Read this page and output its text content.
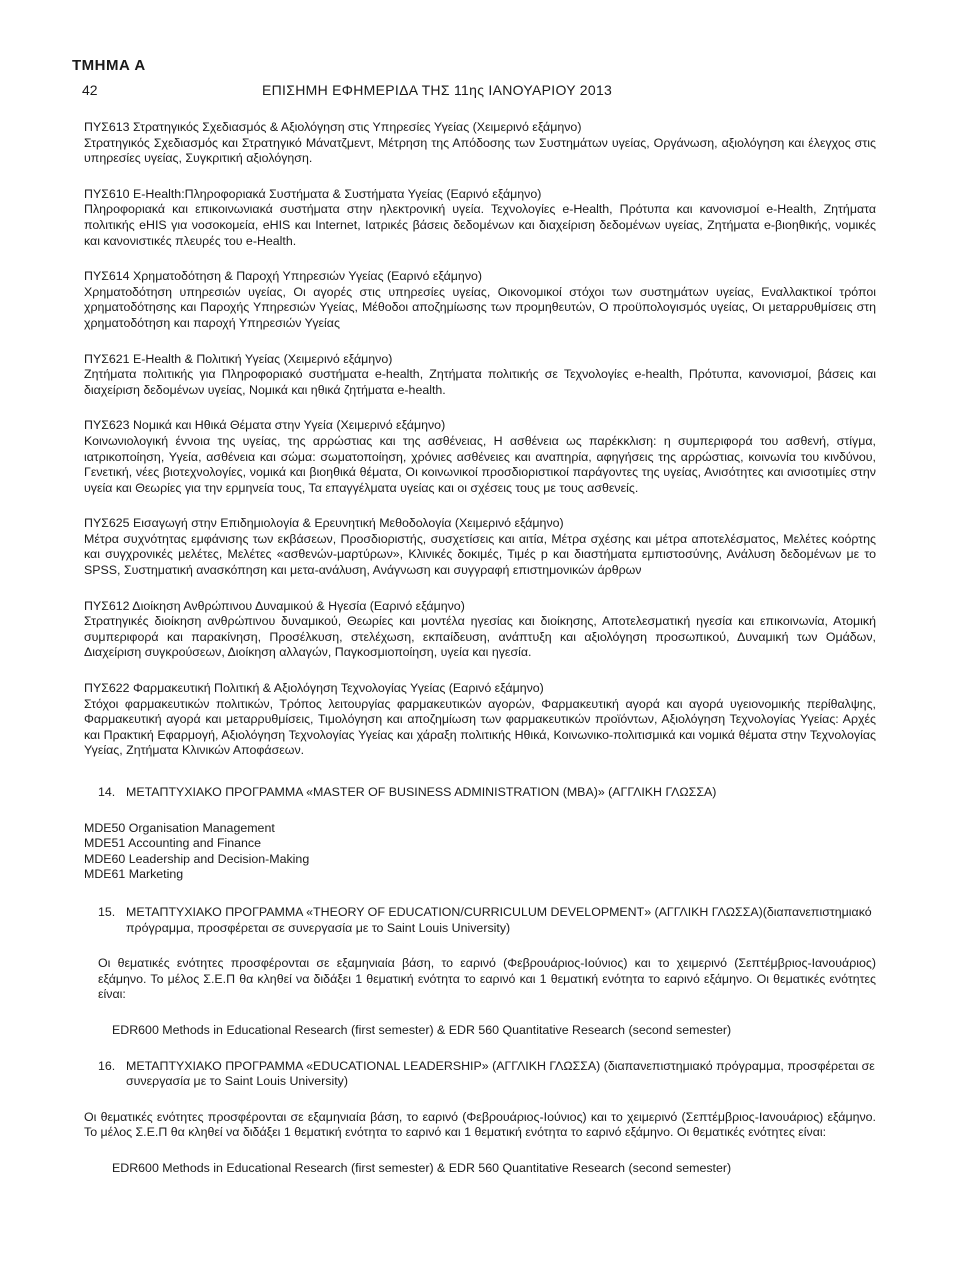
ΤΜΗΜΑ Α
42	ΕΠΙΣΗΜΗ ΕΦΗΜΕΡΙΔΑ ΤΗΣ 11ης ΙΑΝΟΥΑΡΙΟΥ 2013
ΠΥΣ613 Στρατηγικός Σχεδιασμός & Αξιολόγηση στις Υπηρεσίες Υγείας (Χειμερινό εξάμηνο)
Στρατηγικός Σχεδιασμός και Στρατηγικό Μάνατζμεντ, Μέτρηση της Απόδοσης των Συστημάτων υγείας, Οργάνωση, αξιολόγηση και έλεγχος στις υπηρεσίες υγείας, Συγκριτική αξιολόγηση.
ΠΥΣ610 E-Health:Πληροφοριακά Συστήματα & Συστήματα Υγείας (Εαρινό εξάμηνο)
Πληροφοριακά και επικοινωνιακά συστήματα στην ηλεκτρονική υγεία. Τεχνολογίες e-Health, Πρότυπα και κανονισμοί e-Health, Ζητήματα πολιτικής eHIS για νοσοκομεία, eHIS και Internet, Ιατρικές βάσεις δεδομένων και διαχείριση δεδομένων υγείας, Ζητήματα e-βιοηθικής, νομικές και κανονιστικές πλευρές του e-Health.
ΠΥΣ614 Χρηματοδότηση & Παροχή Υπηρεσιών Υγείας (Εαρινό εξάμηνο)
Χρηματοδότηση υπηρεσιών υγείας, Οι αγορές στις υπηρεσίες υγείας, Οικονομικοί στόχοι των συστημάτων υγείας, Εναλλακτικοί τρόποι χρηματοδότησης και Παροχής Υπηρεσιών Υγείας, Μέθοδοι αποζημίωσης των προμηθευτών, Ο προϋπολογισμός υγείας, Οι μεταρρυθμίσεις στη χρηματοδότηση και παροχή Υπηρεσιών Υγείας
ΠΥΣ621 E-Health & Πολιτική Υγείας (Χειμερινό εξάμηνο)
Ζητήματα πολιτικής για Πληροφοριακό συστήματα e-health, Ζητήματα πολιτικής σε Τεχνολογίες e-health, Πρότυπα, κανονισμοί, βάσεις και διαχείριση δεδομένων υγείας, Νομικά και ηθικά ζητήματα e-health.
ΠΥΣ623 Νομικά και Ηθικά Θέματα στην Υγεία (Χειμερινό εξάμηνο)
Κοινωνιολογική έννοια της υγείας, της αρρώστιας και της ασθένειας, Η ασθένεια ως παρέκκλιση: η συμπεριφορά του ασθενή, στίγμα, ιατρικοποίηση, Υγεία, ασθένεια και σώμα: σωματοποίηση, χρόνιες ασθένειες και αναπηρία, αφηγήσεις της αρρώστιας, κοινωνία του κινδύνου, Γενετική, νέες βιοτεχνολογίες, νομικά και βιοηθικά θέματα, Οι κοινωνικοί προσδιοριστικοί παράγοντες της υγείας, Ανισότητες και ανισοτιμίες στην υγεία και Θεωρίες για την ερμηνεία τους, Τα επαγγέλματα υγείας και οι σχέσεις τους με τους ασθενείς.
ΠΥΣ625 Εισαγωγή στην Επιδημιολογία & Ερευνητική Μεθοδολογία (Χειμερινό εξάμηνο)
Μέτρα συχνότητας εμφάνισης των εκβάσεων, Προσδιοριστής, συσχετίσεις και αιτία, Μέτρα σχέσης και μέτρα αποτελέσματος, Μελέτες κοόρτης και συγχρονικές μελέτες, Μελέτες «ασθενών-μαρτύρων», Κλινικές δοκιμές, Τιμές p και διαστήματα εμπιστοσύνης, Ανάλυση δεδομένων με το SPSS, Συστηματική ανασκόπηση και μετα-ανάλυση, Ανάγνωση και συγγραφή επιστημονικών άρθρων
ΠΥΣ612 Διοίκηση Ανθρώπινου Δυναμικού & Ηγεσία (Εαρινό εξάμηνο)
Στρατηγικές διοίκηση ανθρώπινου δυναμικού, Θεωρίες και μοντέλα ηγεσίας και διοίκησης, Αποτελεσματική ηγεσία και επικοινωνία, Ατομική συμπεριφορά και παρακίνηση, Προσέλκυση, στελέχωση, εκπαίδευση, ανάπτυξη και αξιολόγηση προσωπικού, Δυναμική των Ομάδων, Διαχείριση συγκρούσεων, Διοίκηση αλλαγών, Παγκοσμιοποίηση, υγεία και ηγεσία.
ΠΥΣ622 Φαρμακευτική Πολιτική & Αξιολόγηση Τεχνολογίας Υγείας (Εαρινό εξάμηνο)
Στόχοι φαρμακευτικών πολιτικών, Τρόπος λειτουργίας φαρμακευτικών αγορών, Φαρμακευτική αγορά και αγορά υγειονομικής περίθαλψης, Φαρμακευτική αγορά και μεταρρυθμίσεις, Τιμολόγηση και αποζημίωση των φαρμακευτικών προϊόντων, Αξιολόγηση Τεχνολογίας Υγείας: Αρχές και Πρακτική Εφαρμογή, Αξιολόγηση Τεχνολογίας Υγείας και χάραξη πολιτικής Ηθικά, Κοινωνικο-πολιτισμικά και νομικά θέματα στην Τεχνολογίας Υγείας, Ζητήματα Κλινικών Αποφάσεων.
14. ΜΕΤΑΠΤΥΧΙΑΚΟ ΠΡΟΓΡΑΜΜΑ «MASTER OF BUSINESS ADMINISTRATION (MBA)» (ΑΓΓΛΙΚΗ ΓΛΩΣΣΑ)
MDE50 Organisation Management
MDE51 Accounting and Finance
MDE60 Leadership and Decision-Making
MDE61 Marketing
15. ΜΕΤΑΠΤΥΧΙΑΚΟ ΠΡΟΓΡΑΜΜΑ «THEORY OF EDUCATION/CURRICULUM DEVELOPMENT» (ΑΓΓΛΙΚΗ ΓΛΩΣΣΑ)(διαπανεπιστημιακό πρόγραμμα, προσφέρεται σε συνεργασία με το Saint Louis University)
Οι θεματικές ενότητες προσφέρονται σε εξαμηνιαία βάση, το εαρινό (Φεβρουάριος-Ιούνιος) και το χειμερινό (Σεπτέμβριος-Ιανουάριος) εξάμηνο. Το μέλος Σ.Ε.Π θα κληθεί να διδάξει 1 θεματική ενότητα το εαρινό και 1 θεματική ενότητα το εαρινό εξάμηνο. Οι θεματικές ενότητες είναι:
EDR600 Methods in Educational Research (first semester) & EDR 560 Quantitative Research (second semester)
16. ΜΕΤΑΠΤΥΧΙΑΚΟ ΠΡΟΓΡΑΜΜΑ «EDUCATIONAL LEADERSHIP» (ΑΓΓΛΙΚΗ ΓΛΩΣΣΑ) (διαπανεπιστημιακό πρόγραμμα, προσφέρεται σε συνεργασία με το Saint Louis University)
Οι θεματικές ενότητες προσφέρονται σε εξαμηνιαία βάση, το εαρινό (Φεβρουάριος-Ιούνιος) και το χειμερινό (Σεπτέμβριος-Ιανουάριος) εξάμηνο. Το μέλος Σ.Ε.Π θα κληθεί να διδάξει 1 θεματική ενότητα το εαρινό και 1 θεματική ενότητα το εαρινό εξάμηνο. Οι θεματικές ενότητες είναι:
EDR600 Methods in Educational Research (first semester) & EDR 560 Quantitative Research (second semester)
